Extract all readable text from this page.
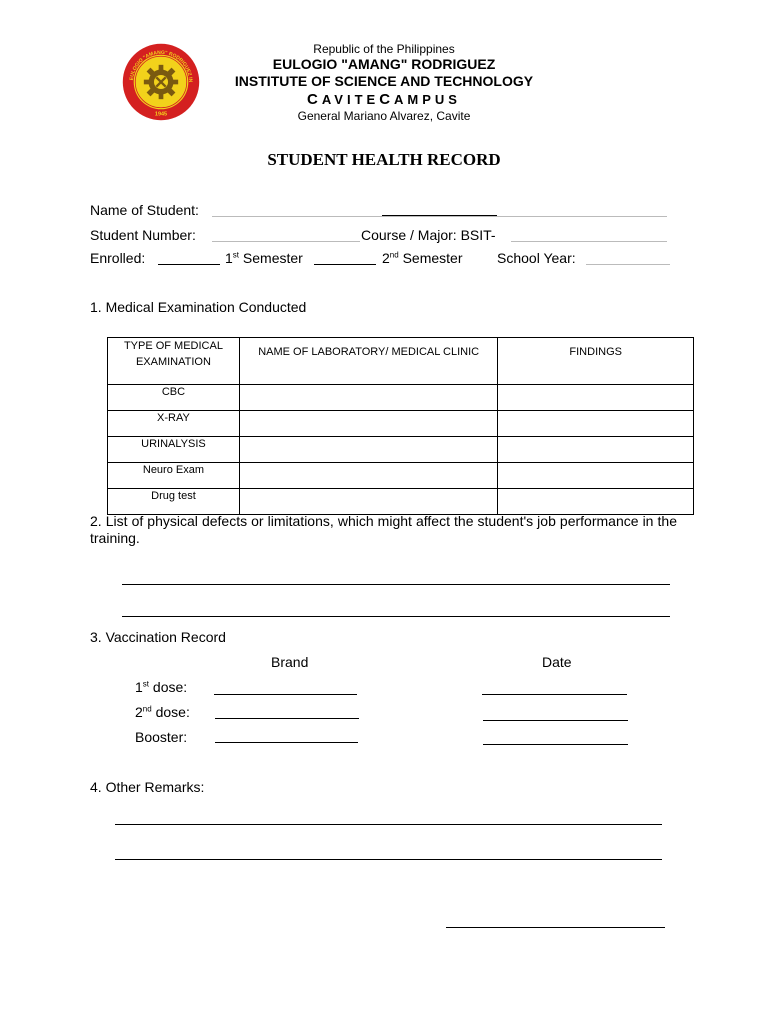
EULOGIO "AMANG" RODRIGUEZ IN
1945
Republic of the Philippines
EULOGIO "AMANG" RODRIGUEZ
INSTITUTE OF SCIENCE AND TECHNOLOGY
CAVITECAMPUS
General Mariano Alvarez, Cavite
STUDENT HEALTH RECORD
Name of Student:
Student Number:	Course / Major: BSIT-
Enrolled:	1st Semester	2nd Semester School Year:
1. Medical Examination Conducted
TYPE OF MEDICAL EXAMINATION	NAME OF LABORATORY/ MEDICAL CLINIC	FINDINGS
CBC		
X-RAY		
URINALYSIS		
Neuro Exam		
Drug test		
2. List of physical defects or limitations, which might affect the student's job performance in the training.
3. Vaccination Record
Brand	Date
1st dose:
2nd dose:
Booster:
4. Other Remarks:
